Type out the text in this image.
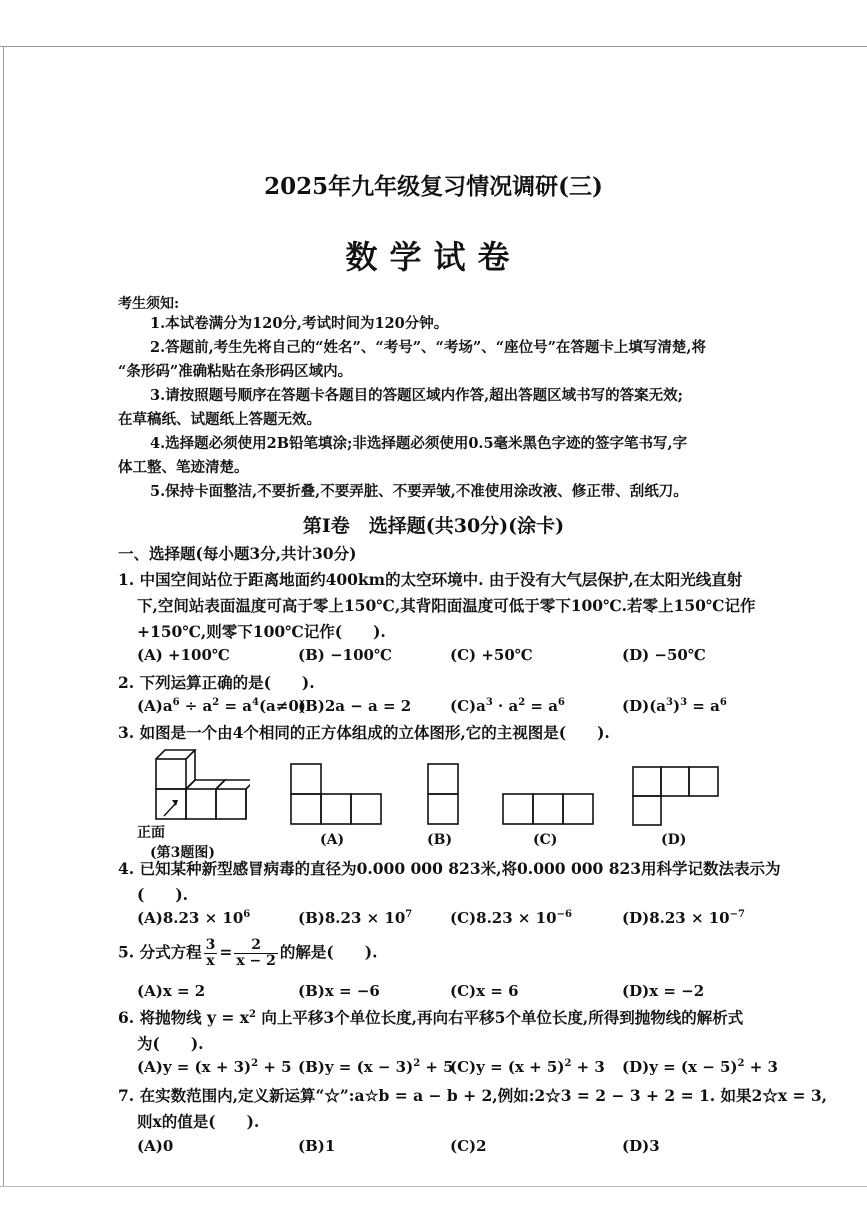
2025年九年级复习情况调研(三)
数学试卷
考生须知:
1.本试卷满分为120分,考试时间为120分钟。
2.答题前,考生先将自己的“姓名”、“考号”、“考场”、“座位号”在答题卡上填写清楚,将
“条形码”准确粘贴在条形码区域内。
3.请按照题号顺序在答题卡各题目的答题区域内作答,超出答题区域书写的答案无效;
在草稿纸、试题纸上答题无效。
4.选择题必须使用2B铅笔填涂;非选择题必须使用0.5毫米黑色字迹的签字笔书写,字
体工整、笔迹清楚。
5.保持卡面整洁,不要折叠,不要弄脏、不要弄皱,不准使用涂改液、修正带、刮纸刀。
第Ⅰ卷　选择题(共30分)(涂卡)
一、选择题(每小题3分,共计30分)
1. 中国空间站位于距离地面约400km的太空环境中. 由于没有大气层保护,在太阳光线直射
下,空间站表面温度可高于零上150℃,其背阳面温度可低于零下100℃.若零上150℃记作
+150℃,则零下100℃记作(　　).
(A) +100℃	(B) −100℃	(C) +50℃	(D) −50℃
2. 下列运算正确的是(　　).
$(A)a^6 \div a^2 = a^4(a\ne 0)$
(B)2a − a = 2	$(C)a^3 \cdot a^2 = a^6$	$(D)(a^3)^3 = a^6$
3. 如图是一个由4个相同的正方体组成的立体图形,它的主视图是(　　).
正面
(第3题图)
(A)	(B)	(C)	(D)
4. 已知某种新型感冒病毒的直径为0.000 000 823米,将0.000 000 823用科学记数法表示为
(　　).
$(A)8.23 \times 10^6$	$(B)8.23 \times 10^7$	$(C)8.23 \times 10^{-6}$	$(D)8.23 \times 10^{-7}$
5. 分式方程 $\frac{3}{x} = \frac{2}{x - 2}$ 的解是(　　).
(A)x = 2	(B)x = −6	(C)x = 6	(D)x = −2
6. 将抛物线 $y = x^2$ 向上平移3个单位长度,再向右平移5个单位长度,所得到抛物线的解析式
为(　　).
$(A)y = (x + 3)^2 + 5$ $(B)y = (x - 3)^2 + 5$
$(C)y = (x + 5)^2 + 3$ $(D)y = (x - 5)^2 + 3$
7. 在实数范围内,定义新运算“☆”:a☆b = a − b + 2,例如:2☆3 = 2 − 3 + 2 = 1. 如果2☆x = 3,
则x的值是(　　).
(A)0	(B)1	(C)2	(D)3
